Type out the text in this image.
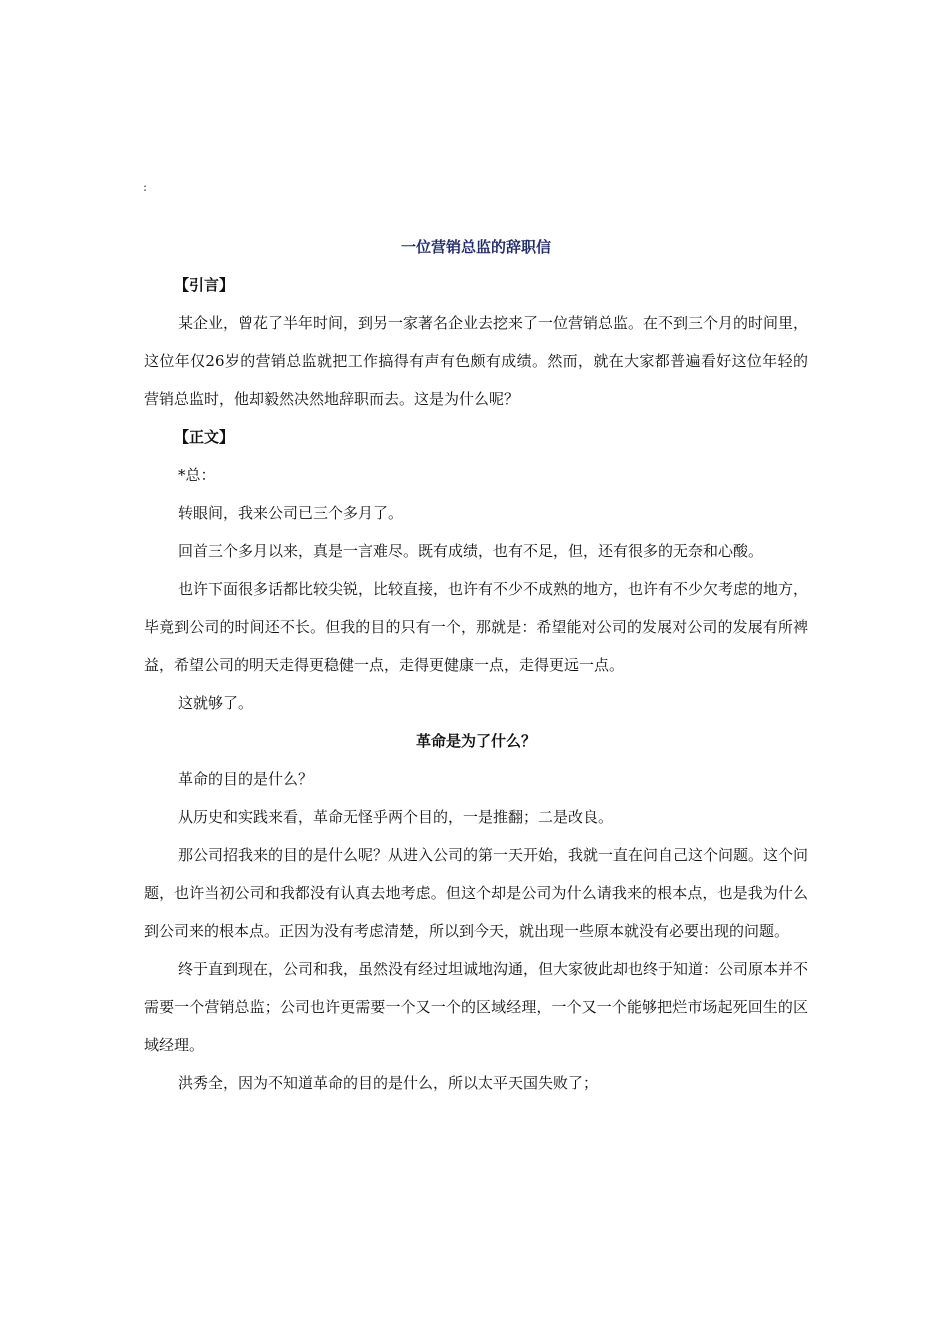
:

一位营销总监的辞职信

【引言】

某企业，曾花了半年时间，到另一家著名企业去挖来了一位营销总监。在不到三个月的时间里，这位年仅26岁的营销总监就把工作搞得有声有色颇有成绩。然而，就在大家都普遍看好这位年轻的营销总监时，他却毅然决然地辞职而去。这是为什么呢？

【正文】

*总：

转眼间，我来公司已三个多月了。

回首三个多月以来，真是一言难尽。既有成绩，也有不足，但，还有很多的无奈和心酸。

也许下面很多话都比较尖锐，比较直接，也许有不少不成熟的地方，也许有不少欠考虑的地方，毕竟到公司的时间还不长。但我的目的只有一个，那就是：希望能对公司的发展对公司的发展有所裨益，希望公司的明天走得更稳健一点，走得更健康一点，走得更远一点。

这就够了。

革命是为了什么？

革命的目的是什么？

从历史和实践来看，革命无怪乎两个目的，一是推翻；二是改良。

那公司招我来的目的是什么呢？从进入公司的第一天开始，我就一直在问自己这个问题。这个问题，也许当初公司和我都没有认真去地考虑。但这个却是公司为什么请我来的根本点，也是我为什么到公司来的根本点。正因为没有考虑清楚，所以到今天，就出现一些原本就没有必要出现的问题。

终于直到现在，公司和我，虽然没有经过坦诚地沟通，但大家彼此却也终于知道：公司原本并不需要一个营销总监；公司也许更需要一个又一个的区域经理，一个又一个能够把烂市场起死回生的区域经理。

洪秀全，因为不知道革命的目的是什么，所以太平天国失败了；
